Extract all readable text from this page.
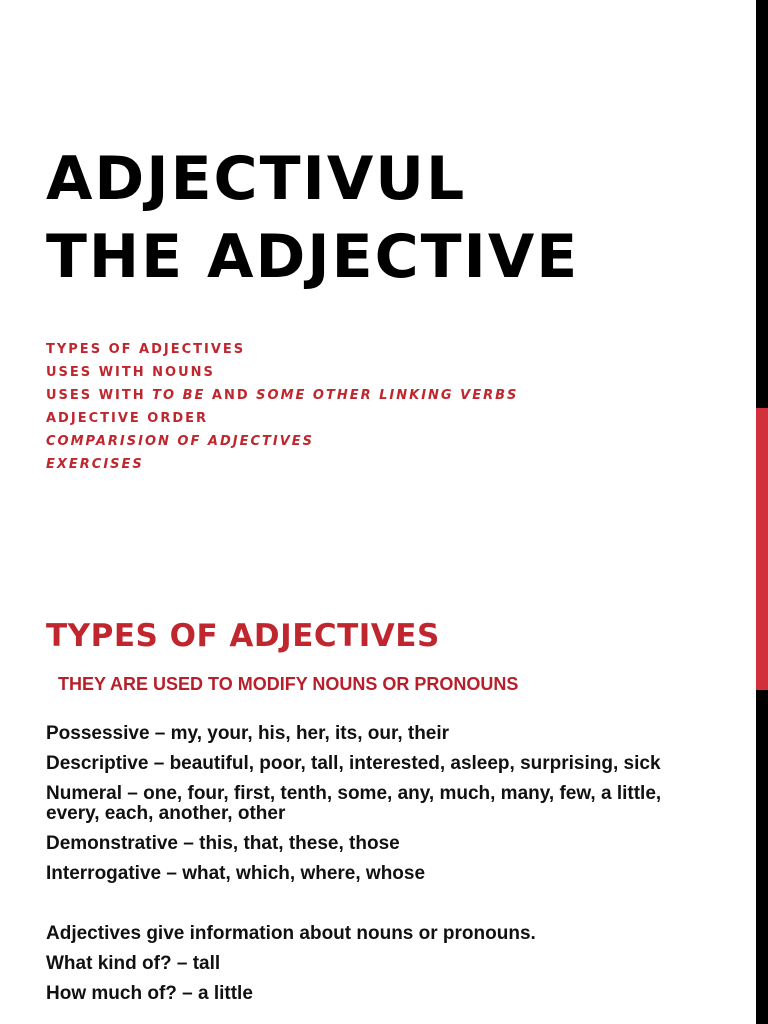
ADJECTIVUL
THE ADJECTIVE
TYPES OF ADJECTIVES
USES WITH NOUNS
USES WITH TO BE AND SOME OTHER LINKING VERBS
ADJECTIVE ORDER
COMPARISION OF ADJECTIVES
EXERCISES
TYPES OF ADJECTIVES

THEY ARE USED TO MODIFY NOUNS OR PRONOUNS

Possessive – my, your, his, her, its, our, their

Descriptive – beautiful, poor, tall, interested, asleep, surprising, sick

Numeral – one, four, first, tenth, some, any, much, many, few, a little, every, each, another, other

Demonstrative – this, that, these, those

Interrogative – what, which, where, whose

Adjectives give information about nouns or pronouns.

What kind of? – tall

How much of? – a little
